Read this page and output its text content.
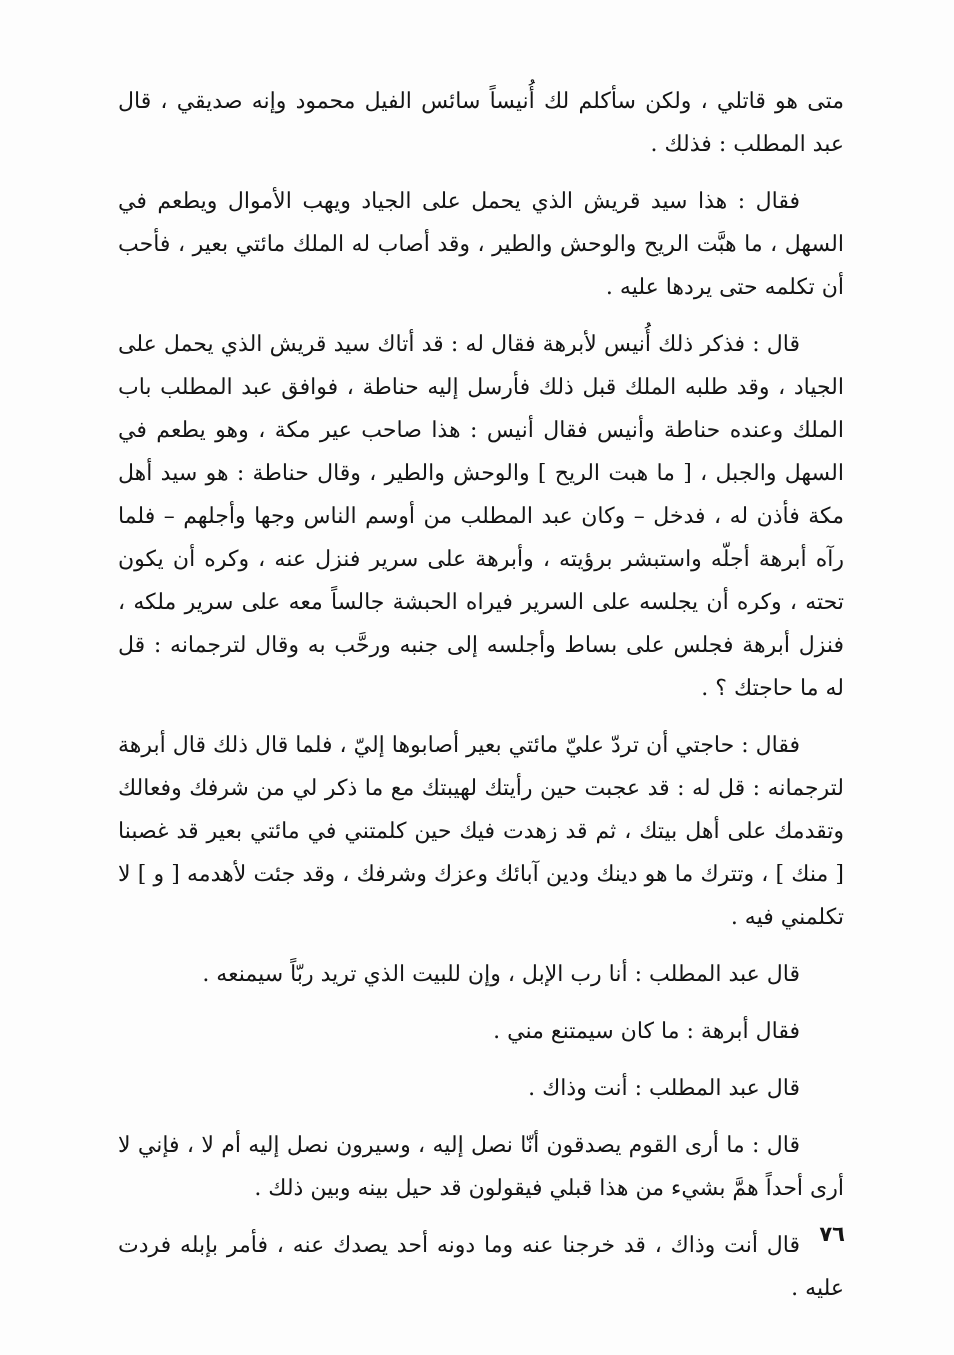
متى هو قاتلي ، ولكن سأكلم لك أُنيساً سائس الفيل محمود وإنه صديقي ، قال عبد المطلب : فذلك .

فقال : هذا سيد قريش الذي يحمل على الجياد ويهب الأموال ويطعم في السهل ، ما هبَّت الريح والوحش والطير ، وقد أصاب له الملك مائتي بعير ، فأحب أن تكلمه حتى يردها عليه .

قال : فذكر ذلك أُنيس لأبرهة فقال له : قد أتاك سيد قريش الذي يحمل على الجياد ، وقد طلبه الملك قبل ذلك فأرسل إليه حناطة ، فوافق عبد المطلب باب الملك وعنده حناطة وأنيس فقال أنيس : هذا صاحب عير مكة ، وهو يطعم في السهل والجبل ، [ ما هبت الريح ] والوحش والطير ، وقال حناطة : هو سيد أهل مكة فأذن له ، فدخل – وكان عبد المطلب من أوسم الناس وجها وأجلهم – فلما رآه أبرهة أجلّه واستبشر برؤيته ، وأبرهة على سرير فنزل عنه ، وكره أن يكون تحته ، وكره أن يجلسه على السرير فيراه الحبشة جالساً معه على سرير ملكه ، فنزل أبرهة فجلس على بساط وأجلسه إلى جنبه ورحَّب به وقال لترجمانه : قل له ما حاجتك ؟ .

فقال : حاجتي أن تردّ عليّ مائتي بعير أصابوها إليّ ، فلما قال ذلك قال أبرهة لترجمانه : قل له : قد عجبت حين رأيتك لهيبتك مع ما ذكر لي من شرفك وفعالك وتقدمك على أهل بيتك ، ثم قد زهدت فيك حين كلمتني في مائتي بعير قد غصبنا [ منك ] ، وتترك ما هو دينك ودين آبائك وعزك وشرفك ، وقد جئت لأهدمه [ و ] لا تكلمني فيه .

قال عبد المطلب : أنا رب الإبل ، وإن للبيت الذي تريد ربّاً سيمنعه .

فقال أبرهة : ما كان سيمتنع مني .

قال عبد المطلب : أنت وذاك .

قال : ما أرى القوم يصدقون أنّا نصل إليه ، وسيرون نصل إليه أم لا ، فإني لا أرى أحداً همَّ بشيء من هذا قبلي فيقولون قد حيل بينه وبين ذلك .

قال أنت وذاك ، قد خرجنا عنه وما دونه أحد يصدك عنه ، فأمر بإبله فردت عليه .

٧٦
